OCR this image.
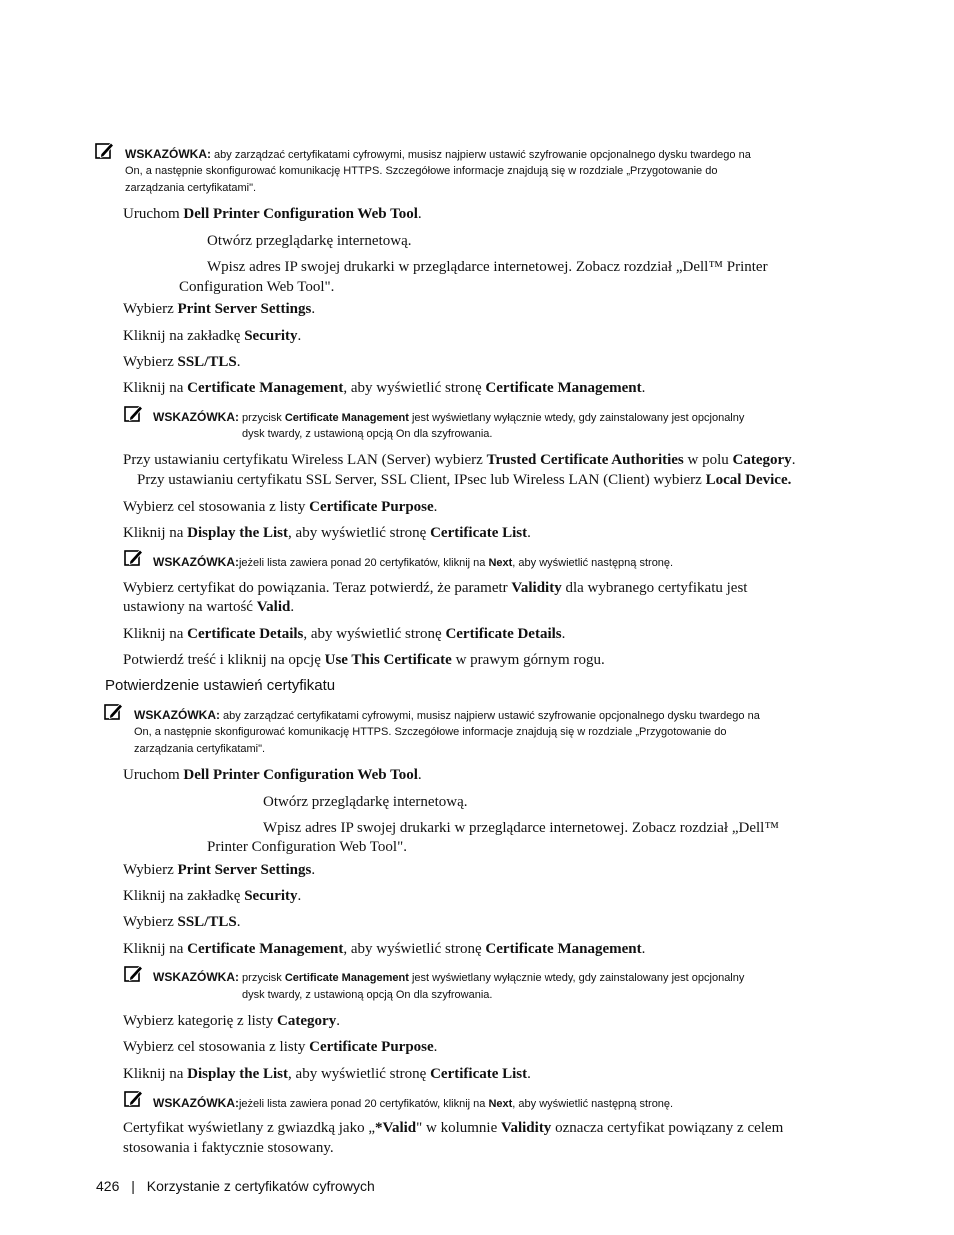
WSKAZÓWKA: aby zarządzać certyfikatami cyfrowymi, musisz najpierw ustawić szyfrowanie opcjonalnego dysku twardego na
On, a następnie skonfigurować komunikację HTTPS. Szczegółowe informacje znajdują się w rozdziale „Przygotowanie do
zarządzania certyfikatami".
Uruchom Dell Printer Configuration Web Tool.
Otwórz przeglądarkę internetową.
Wpisz adres IP swojej drukarki w przeglądarce internetowej. Zobacz rozdział „Dell™ Printer
Configuration Web Tool".
Wybierz Print Server Settings.
Kliknij na zakładkę Security.
Wybierz SSL/TLS.
Kliknij na Certificate Management, aby wyświetlić stronę Certificate Management.
WSKAZÓWKA: przycisk Certificate Management jest wyświetlany wyłącznie wtedy, gdy zainstalowany jest opcjonalny
dysk twardy, z ustawioną opcją On dla szyfrowania.
Przy ustawianiu certyfikatu Wireless LAN (Server) wybierz Trusted Certificate Authorities w polu Category.
Przy ustawianiu certyfikatu SSL Server, SSL Client, IPsec lub Wireless LAN (Client) wybierz Local Device.
Wybierz cel stosowania z listy Certificate Purpose.
Kliknij na Display the List, aby wyświetlić stronę Certificate List.
WSKAZÓWKA:jeżeli lista zawiera ponad 20 certyfikatów, kliknij na Next, aby wyświetlić następną stronę.
Wybierz certyfikat do powiązania. Teraz potwierdź, że parametr Validity dla wybranego certyfikatu jest
ustawiony na wartość Valid.
Kliknij na Certificate Details, aby wyświetlić stronę Certificate Details.
Potwierdź treść i kliknij na opcję Use This Certificate w prawym górnym rogu.
Potwierdzenie ustawień certyfikatu
WSKAZÓWKA: aby zarządzać certyfikatami cyfrowymi, musisz najpierw ustawić szyfrowanie opcjonalnego dysku twardego na
On, a następnie skonfigurować komunikację HTTPS. Szczegółowe informacje znajdują się w rozdziale „Przygotowanie do
zarządzania certyfikatami".
Uruchom Dell Printer Configuration Web Tool.
Otwórz przeglądarkę internetową.
Wpisz adres IP swojej drukarki w przeglądarce internetowej. Zobacz rozdział „Dell™
Printer Configuration Web Tool".
Wybierz Print Server Settings.
Kliknij na zakładkę Security.
Wybierz SSL/TLS.
Kliknij na Certificate Management, aby wyświetlić stronę Certificate Management.
WSKAZÓWKA: przycisk Certificate Management jest wyświetlany wyłącznie wtedy, gdy zainstalowany jest opcjonalny
dysk twardy, z ustawioną opcją On dla szyfrowania.
Wybierz kategorię z listy Category.
Wybierz cel stosowania z listy Certificate Purpose.
Kliknij na Display the List, aby wyświetlić stronę Certificate List.
WSKAZÓWKA:jeżeli lista zawiera ponad 20 certyfikatów, kliknij na Next, aby wyświetlić następną stronę.
Certyfikat wyświetlany z gwiazdką jako „*Valid" w kolumnie Validity oznacza certyfikat powiązany z celem
stosowania i faktycznie stosowany.
426 | Korzystanie z certyfikatów cyfrowych
